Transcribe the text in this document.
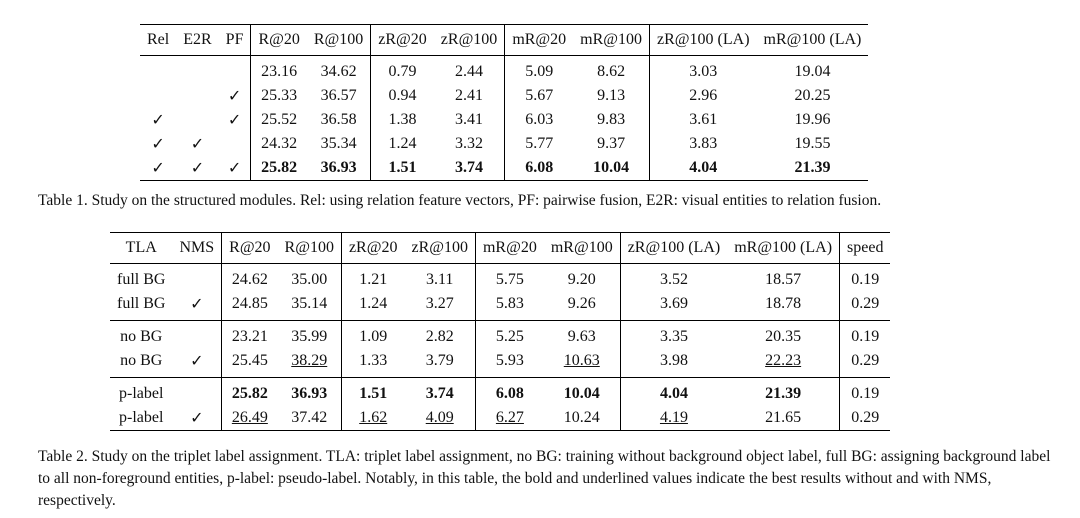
Rel	E2R	PF	R@20	R@100	zR@20	zR@100	mR@20	mR@100	zR@100 (LA)	mR@100 (LA)
			23.16	34.62	0.79	2.44	5.09	8.62	3.03	19.04
		✓	25.33	36.57	0.94	2.41	5.67	9.13	2.96	20.25
✓		✓	25.52	36.58	1.38	3.41	6.03	9.83	3.61	19.96
✓	✓		24.32	35.34	1.24	3.32	5.77	9.37	3.83	19.55
✓	✓	✓	25.82	36.93	1.51	3.74	6.08	10.04	4.04	21.39
Table 1. Study on the structured modules. Rel: using relation feature vectors, PF: pairwise fusion, E2R: visual entities to relation fusion.
TLA	NMS	R@20	R@100	zR@20	zR@100	mR@20	mR@100	zR@100 (LA)	mR@100 (LA)	speed
full BG		24.62	35.00	1.21	3.11	5.75	9.20	3.52	18.57	0.19
full BG	✓	24.85	35.14	1.24	3.27	5.83	9.26	3.69	18.78	0.29
no BG		23.21	35.99	1.09	2.82	5.25	9.63	3.35	20.35	0.19
no BG	✓	25.45	38.29	1.33	3.79	5.93	10.63	3.98	22.23	0.29
p-label		25.82	36.93	1.51	3.74	6.08	10.04	4.04	21.39	0.19
p-label	✓	26.49	37.42	1.62	4.09	6.27	10.24	4.19	21.65	0.29
Table 2. Study on the triplet label assignment. TLA: triplet label assignment, no BG: training without background object label, full BG: assigning background label to all non-foreground entities, p-label: pseudo-label. Notably, in this table, the bold and underlined values indicate the best results without and with NMS, respectively.
